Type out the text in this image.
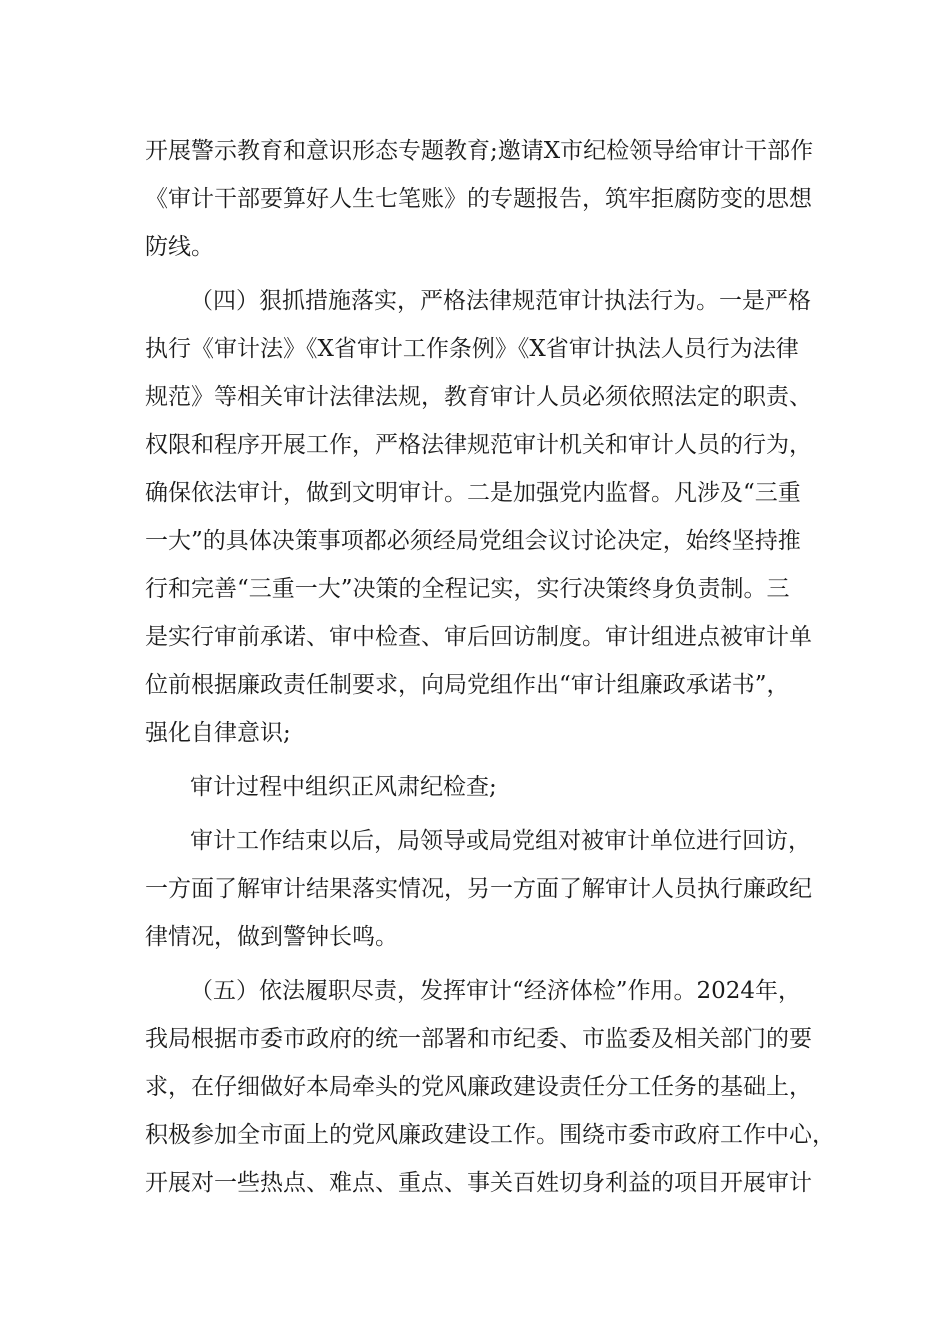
开展警示教育和意识形态专题教育;邀请X市纪检领导给审计干部作
《审计干部要算好人生七笔账》的专题报告，筑牢拒腐防变的思想
防线。
（四）狠抓措施落实，严格法律规范审计执法行为。一是严格
执行《审计法》《X省审计工作条例》《X省审计执法人员行为法律
规范》等相关审计法律法规，教育审计人员必须依照法定的职责、
权限和程序开展工作，严格法律规范审计机关和审计人员的行为，
确保依法审计，做到文明审计。二是加强党内监督。凡涉及“三重
一大”的具体决策事项都必须经局党组会议讨论决定，始终坚持推
行和完善“三重一大”决策的全程记实，实行决策终身负责制。三
是实行审前承诺、审中检查、审后回访制度。审计组进点被审计单
位前根据廉政责任制要求，向局党组作出“审计组廉政承诺书”，
强化自律意识;
审计过程中组织正风肃纪检查;
审计工作结束以后，局领导或局党组对被审计单位进行回访，
一方面了解审计结果落实情况，另一方面了解审计人员执行廉政纪
律情况，做到警钟长鸣。
（五）依法履职尽责，发挥审计“经济体检”作用。2024年，
我局根据市委市政府的统一部署和市纪委、市监委及相关部门的要
求，在仔细做好本局牵头的党风廉政建设责任分工任务的基础上，
积极参加全市面上的党风廉政建设工作。围绕市委市政府工作中心，
开展对一些热点、难点、重点、事关百姓切身利益的项目开展审计
